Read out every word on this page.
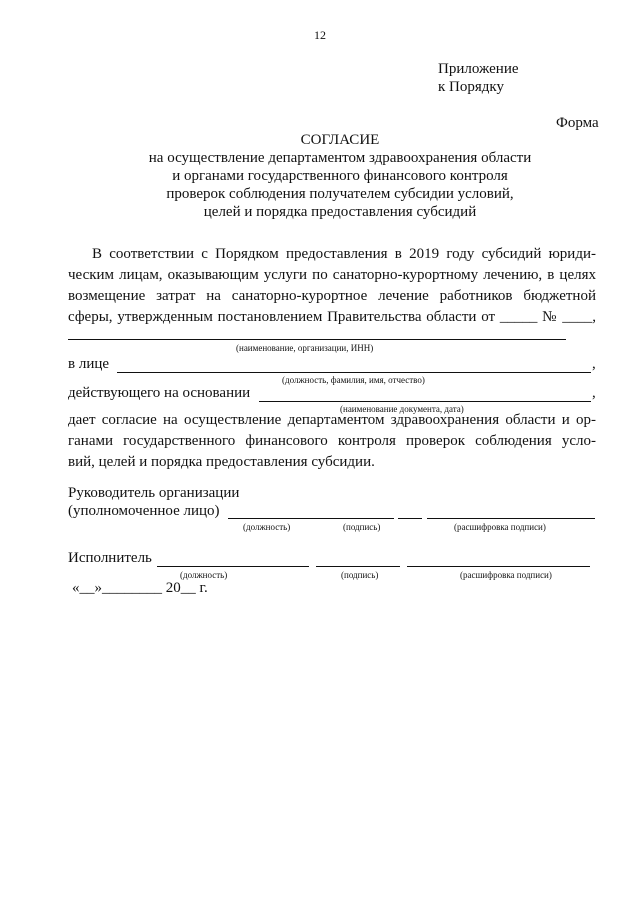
12
Приложение
к Порядку
Форма
СОГЛАСИЕ
на осуществление департаментом здравоохранения области
и органами государственного финансового контроля
проверок соблюдения получателем субсидии условий,
целей и порядка предоставления субсидий
В соответствии с Порядком предоставления в 2019 году субсидий юриди-
ческим лицам, оказывающим услуги по санаторно-курортному лечению, в целях
возмещение затрат на санаторно-курортное лечение работников бюджетной
сферы, утвержденным постановлением Правительства области от _____ № ____,
(наименование, организации, ИНН)
в лице	,
(должность, фамилия, имя, отчество)
действующего на основании	,
(наименование документа, дата)
дает согласие на осуществление департаментом здравоохранения области и ор-
ганами государственного финансового контроля проверок соблюдения усло-
вий, целей и порядка предоставления субсидии.
Руководитель организации
(уполномоченное лицо)
(должность)	(подпись)	(расшифровка подписи)
Исполнитель
(должность)	(подпись)	(расшифровка подписи)
«__»________ 20__ г.
